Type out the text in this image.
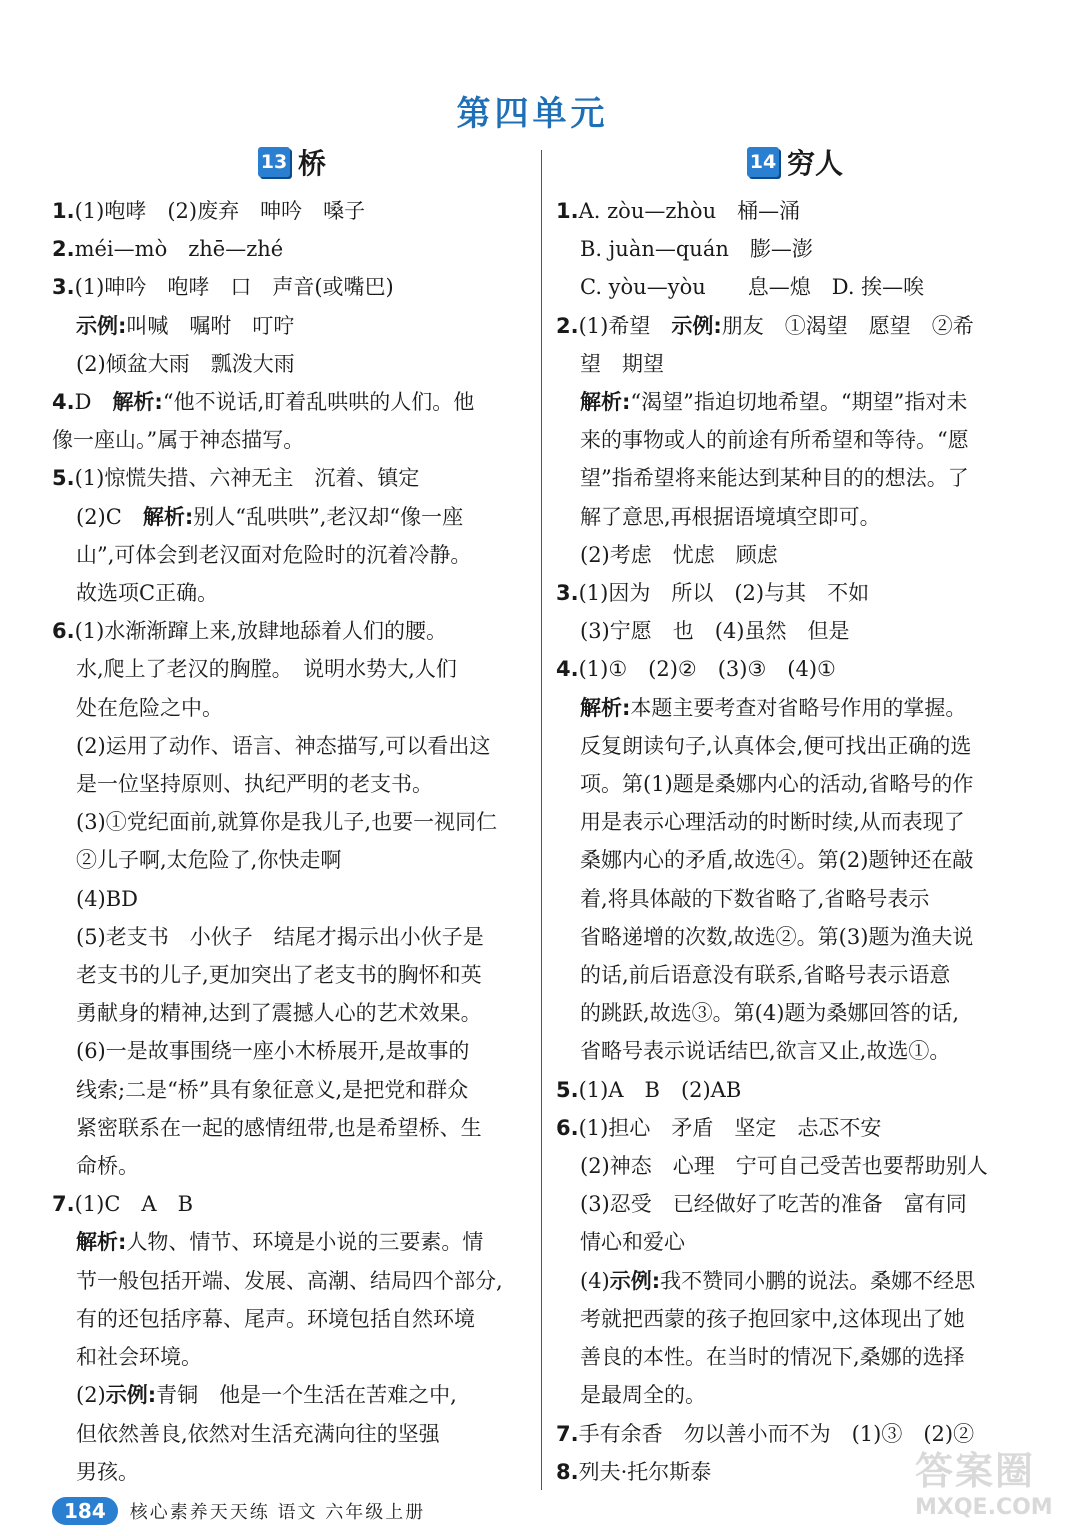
第四单元
13 桥
1.(1)咆哮　(2)废弃　呻吟　嗓子
2.méi—mò　zhē—zhé
3.(1)呻吟　咆哮　口　声音(或嘴巴)
示例:叫喊　嘱咐　叮咛
(2)倾盆大雨　瓢泼大雨
4.D　解析:“他不说话,盯着乱哄哄的人们。他
像一座山。”属于神态描写。
5.(1)惊慌失措、六神无主　沉着、镇定
(2)C　解析:别人“乱哄哄”,老汉却“像一座
山”,可体会到老汉面对危险时的沉着冷静。
故选项C正确。
6.(1)水渐渐蹿上来,放肆地舔着人们的腰。
水,爬上了老汉的胸膛。　说明水势大,人们
处在危险之中。
(2)运用了动作、语言、神态描写,可以看出这
是一位坚持原则、执纪严明的老支书。
(3)①党纪面前,就算你是我儿子,也要一视同仁
②儿子啊,太危险了,你快走啊
(4)BD
(5)老支书　小伙子　结尾才揭示出小伙子是
老支书的儿子,更加突出了老支书的胸怀和英
勇献身的精神,达到了震撼人心的艺术效果。
(6)一是故事围绕一座小木桥展开,是故事的
线索;二是“桥”具有象征意义,是把党和群众
紧密联系在一起的感情纽带,也是希望桥、生
命桥。
7.(1)C　A　B
解析:人物、情节、环境是小说的三要素。情
节一般包括开端、发展、高潮、结局四个部分,
有的还包括序幕、尾声。环境包括自然环境
和社会环境。
(2)示例:青铜　他是一个生活在苦难之中,
但依然善良,依然对生活充满向往的坚强
男孩。
14 穷人
1.A. zòu—zhòu　桶—涌
B. juàn—quán　膨—澎
C. yòu—yòu　　息—熄　D. 挨—唉
2.(1)希望　示例:朋友　①渴望　愿望　②希
望　期望
解析:“渴望”指迫切地希望。“期望”指对未
来的事物或人的前途有所希望和等待。“愿
望”指希望将来能达到某种目的的想法。了
解了意思,再根据语境填空即可。
(2)考虑　忧虑　顾虑
3.(1)因为　所以　(2)与其　不如
(3)宁愿　也　(4)虽然　但是
4.(1)①　(2)②　(3)③　(4)①
解析:本题主要考查对省略号作用的掌握。
反复朗读句子,认真体会,便可找出正确的选
项。第(1)题是桑娜内心的活动,省略号的作
用是表示心理活动的时断时续,从而表现了
桑娜内心的矛盾,故选④。第(2)题钟还在敲
着,将具体敲的下数省略了,省略号表示
省略递增的次数,故选②。第(3)题为渔夫说
的话,前后语意没有联系,省略号表示语意
的跳跃,故选③。第(4)题为桑娜回答的话,
省略号表示说话结巴,欲言又止,故选①。
5.(1)A　B　(2)AB
6.(1)担心　矛盾　坚定　忐忑不安
(2)神态　心理　宁可自己受苦也要帮助别人
(3)忍受　已经做好了吃苦的准备　富有同
情心和爱心
(4)示例:我不赞同小鹏的说法。桑娜不经思
考就把西蒙的孩子抱回家中,这体现出了她
善良的本性。在当时的情况下,桑娜的选择
是最周全的。
7.手有余香　勿以善小而不为　(1)③　(2)②
8.列夫·托尔斯泰
184	核心素养天天练 语文 六年级上册
答案圈
MXQE.COM
